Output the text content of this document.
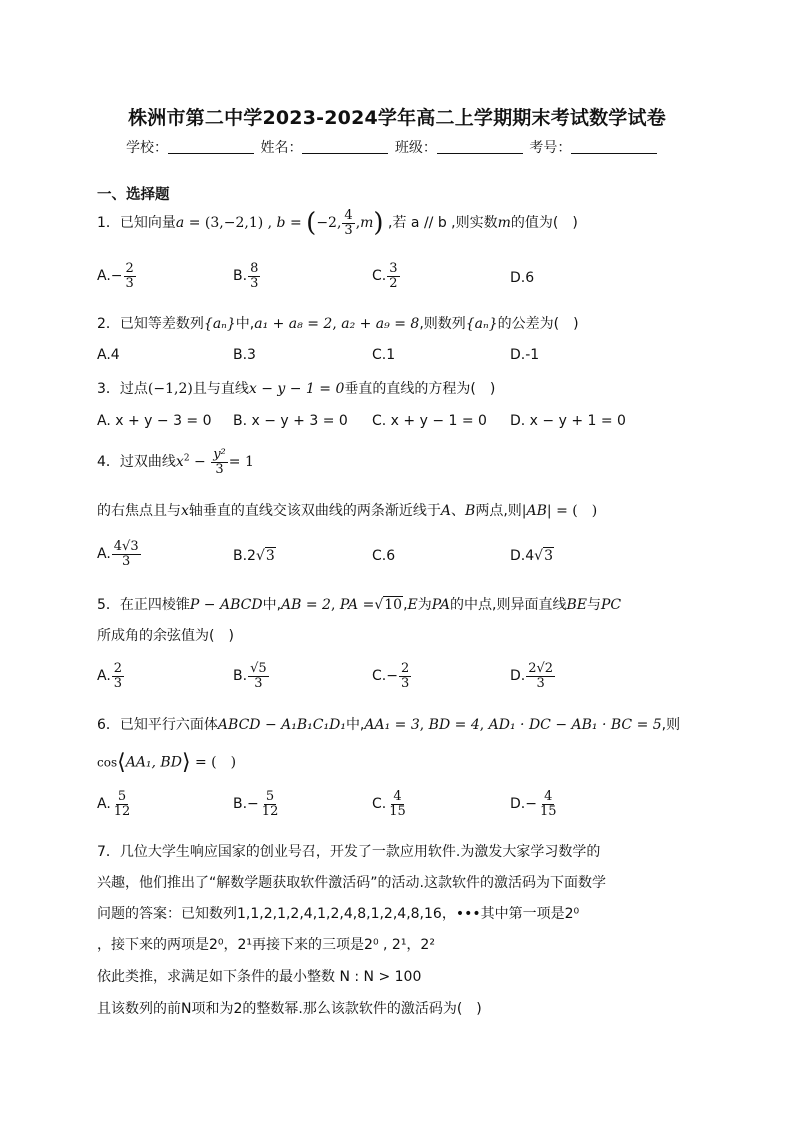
株洲市第二中学2023-2024学年高二上学期期末考试数学试卷
学校：	姓名：	班级：	考号：
一、选择题
1．已知向量a = (3,−2,1) , b = (−2, $\frac{4}{3} ,m$) ,若 a // b ,则实数m的值为(　)
$A.- \frac{2}{3}$	B. $\frac{8}{3}$	C. $\frac{3}{2}$	D.6
2．已知等差数列{aₙ}中,a₁ + a₈ = 2, a₂ + a₉ = 8,则数列{aₙ}的公差为(　)
A.4	B.3	C.1	D.-1
3．过点(−1,2)且与直线x − y − 1 = 0垂直的直线的方程为(　)
A. x + y − 3 = 0 B. x − y + 3 = 0 C. x + y − 1 = 0 D. x − y + 1 = 0
4．过双曲线$x^2 - \frac{\text{y²}}{3} = 1$
的右焦点且与x轴垂直的直线交该双曲线的两条渐近线于A、B两点,则|AB| = (　)
A. $\frac{4√3}{3}$	B.2√3	C.6	D.4√3
5．在正四棱锥P − ABCD中,AB = 2, PA =√10,E为PA的中点,则异面直线BE与PC
所成角的余弦值为(　)
A. $\frac{2}{3}$	B. $\frac{√5}{3}$	$C.- \frac{2}{3}$	D. $\frac{2√2}{3}$
6．已知平行六面体ABCD − A₁B₁C₁D₁中,AA₁ = 3, BD = 4, AD₁ · DC − AB₁ · BC = 5,则
cos⟨AA₁, BD⟩ = (　)
A. $\frac{5}{12}$	$B.- \frac{5}{12}$	C. $\frac{4}{15}$	$D.- \frac{4}{15}$
7．几位大学生响应国家的创业号召，开发了一款应用软件.为激发大家学习数学的
兴趣，他们推出了“解数学题获取软件激活码”的活动.这款软件的激活码为下面数学
问题的答案：已知数列1,1,2,1,2,4,1,2,4,8,1,2,4,8,16，•••其中第一项是2⁰
，接下来的两项是2⁰，2¹再接下来的三项是2⁰ , 2¹，2²
依此类推，求满足如下条件的最小整数 N : N > 100
且该数列的前N项和为2的整数幂.那么该款软件的激活码为(　)
